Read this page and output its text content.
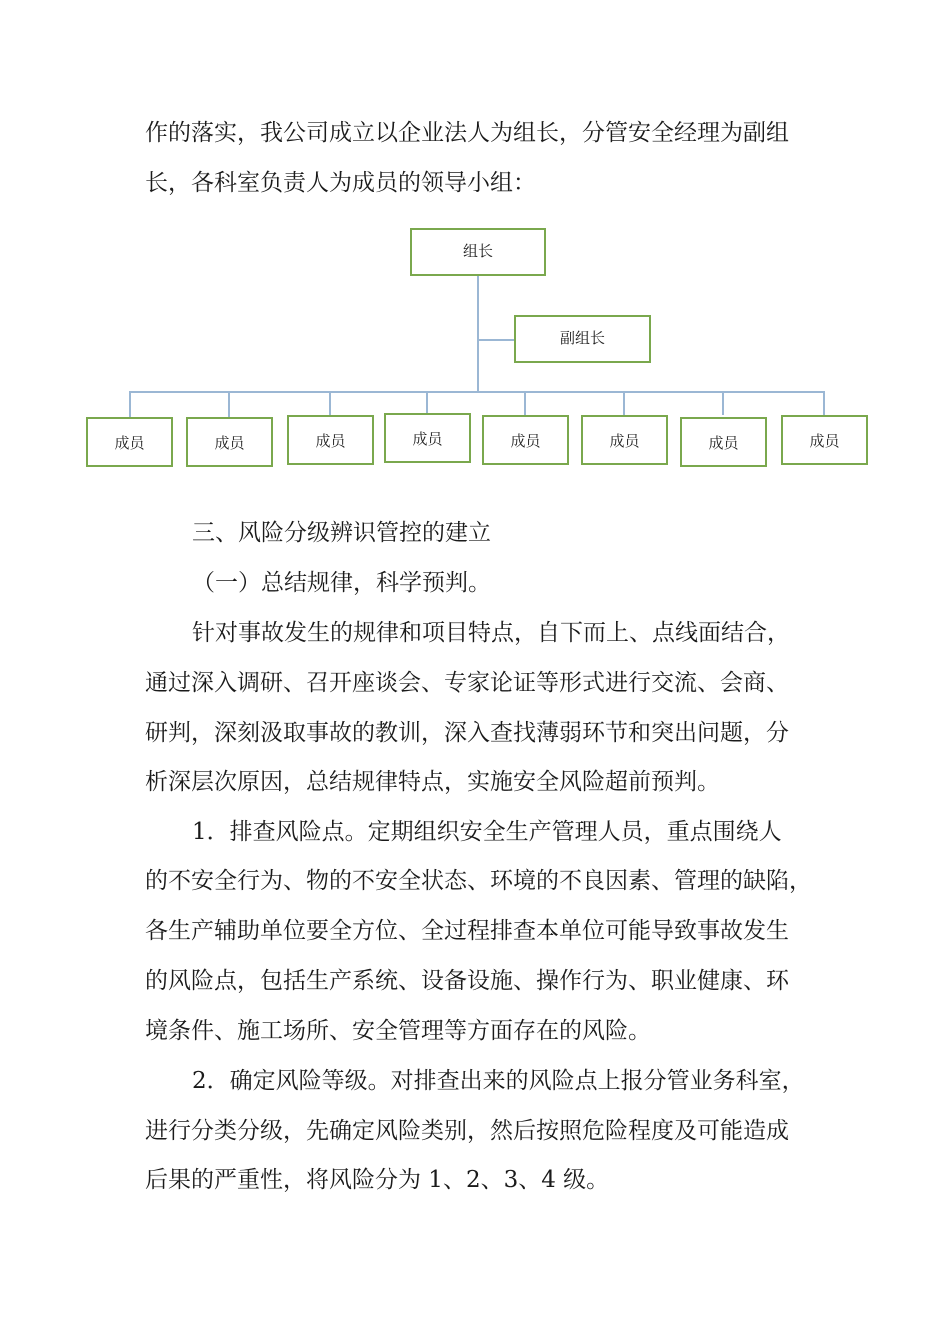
作的落实，我公司成立以企业法人为组长，分管安全经理为副组
长，各科室负责人为成员的领导小组：
组长
副组长
成员	成员	成员	成员	成员	成员	成员	成员
三、风险分级辨识管控的建立
（一）总结规律，科学预判。
针对事故发生的规律和项目特点，自下而上、点线面结合，
通过深入调研、召开座谈会、专家论证等形式进行交流、会商、
研判，深刻汲取事故的教训，深入查找薄弱环节和突出问题，分
析深层次原因，总结规律特点，实施安全风险超前预判。
1．排查风险点。定期组织安全生产管理人员，重点围绕人
的不安全行为、物的不安全状态、环境的不良因素、管理的缺陷，
各生产辅助单位要全方位、全过程排查本单位可能导致事故发生
的风险点，包括生产系统、设备设施、操作行为、职业健康、环
境条件、施工场所、安全管理等方面存在的风险。
2．确定风险等级。对排查出来的风险点上报分管业务科室，
进行分类分级，先确定风险类别，然后按照危险程度及可能造成
后果的严重性，将风险分为 1、2、3、4 级。
